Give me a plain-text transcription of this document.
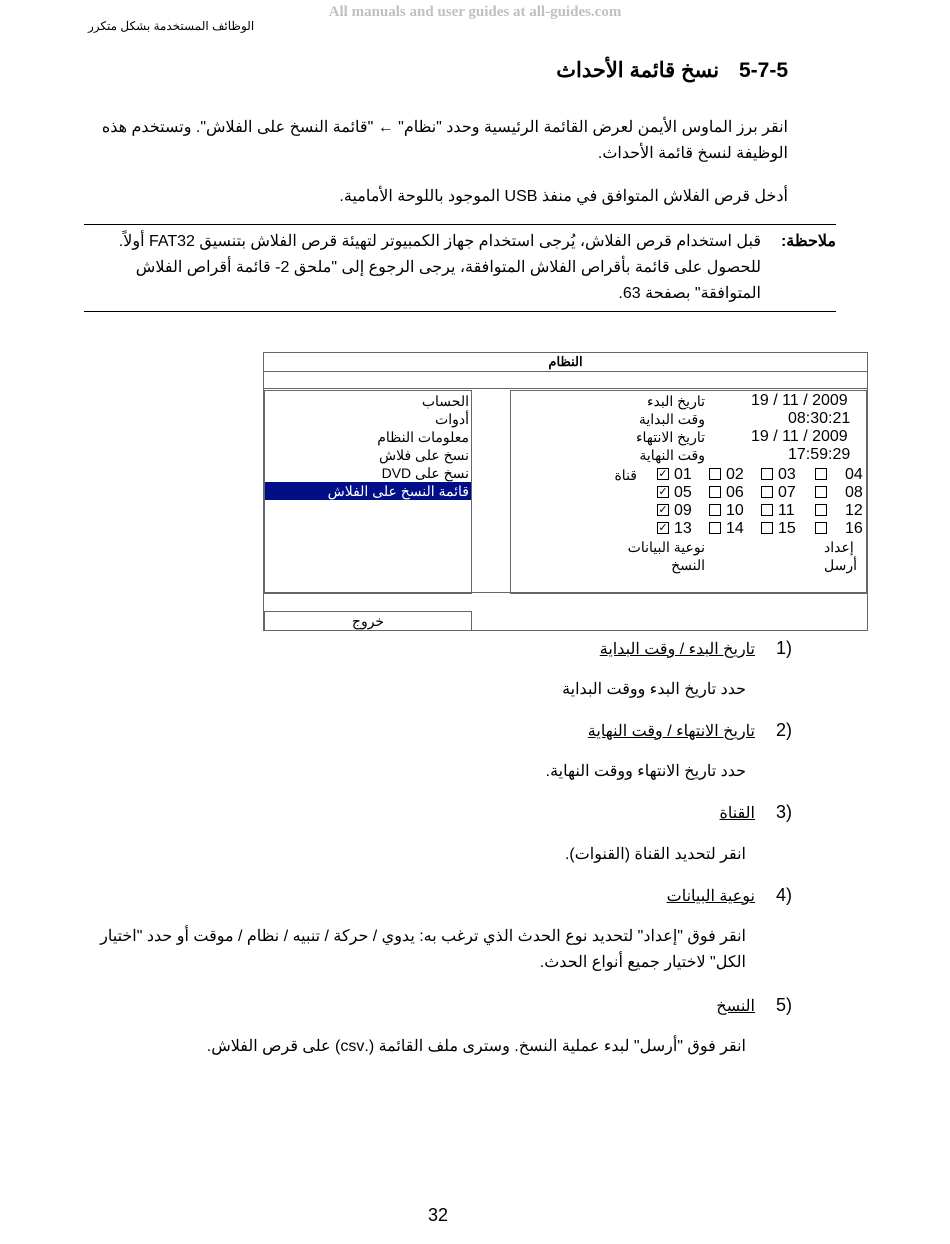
All manuals and user guides at all-guides.com
الوظائف المستخدمة بشكل متكرر
5-7-5 نسخ قائمة الأحداث
انقر برز الماوس الأيمن لعرض القائمة الرئيسية وحدد "نظام" ← "قائمة النسخ على الفلاش". وتستخدم هذه الوظيفة لنسخ قائمة الأحداث.
أدخل قرص الفلاش المتوافق في منفذ USB الموجود باللوحة الأمامية.
ملاحظة:
قبل استخدام قرص الفلاش، يُرجى استخدام جهاز الكمبيوتر لتهيئة قرص الفلاش بتنسيق FAT32 أولاً. للحصول على قائمة بأقراص الفلاش المتوافقة، يرجى الرجوع إلى "ملحق 2- قائمة أقراص الفلاش المتوافقة" بصفحة 63.
النظام
الحساب
أدوات
معلومات النظام
نسخ على فلاش
نسخ على DVD
قائمة النسخ على الفلاش
تاريخ البدء	19 / 11 / 2009
وقت البداية	08:30:21
تاريخ الانتهاء	19 / 11 / 2009
وقت النهاية	17:59:29
قناة ✓ 01	02	03	04
✓ 05	06	07	08
✓ 09	10	11	12
✓ 13	14	15	16
نوعية البيانات	إعداد
النسخ	أرسل
خروج
1)
تاريخ البدء / وقت البداية
حدد تاريخ البدء ووقت البداية
2)
تاريخ الانتهاء / وقت النهاية
حدد تاريخ الانتهاء ووقت النهاية.
3)
القناة
انقر لتحديد القناة (القنوات).
4)
نوعية البيانات
انقر فوق "إعداد" لتحديد نوع الحدث الذي ترغب به: يدوي / حركة / تنبيه / نظام / موقت أو حدد "اختيار الكل" لاختيار جميع أنواع الحدث.
5)
النسخ
انقر فوق "أرسل" لبدء عملية النسخ. وسترى ملف القائمة (.csv) على قرص الفلاش.
32
